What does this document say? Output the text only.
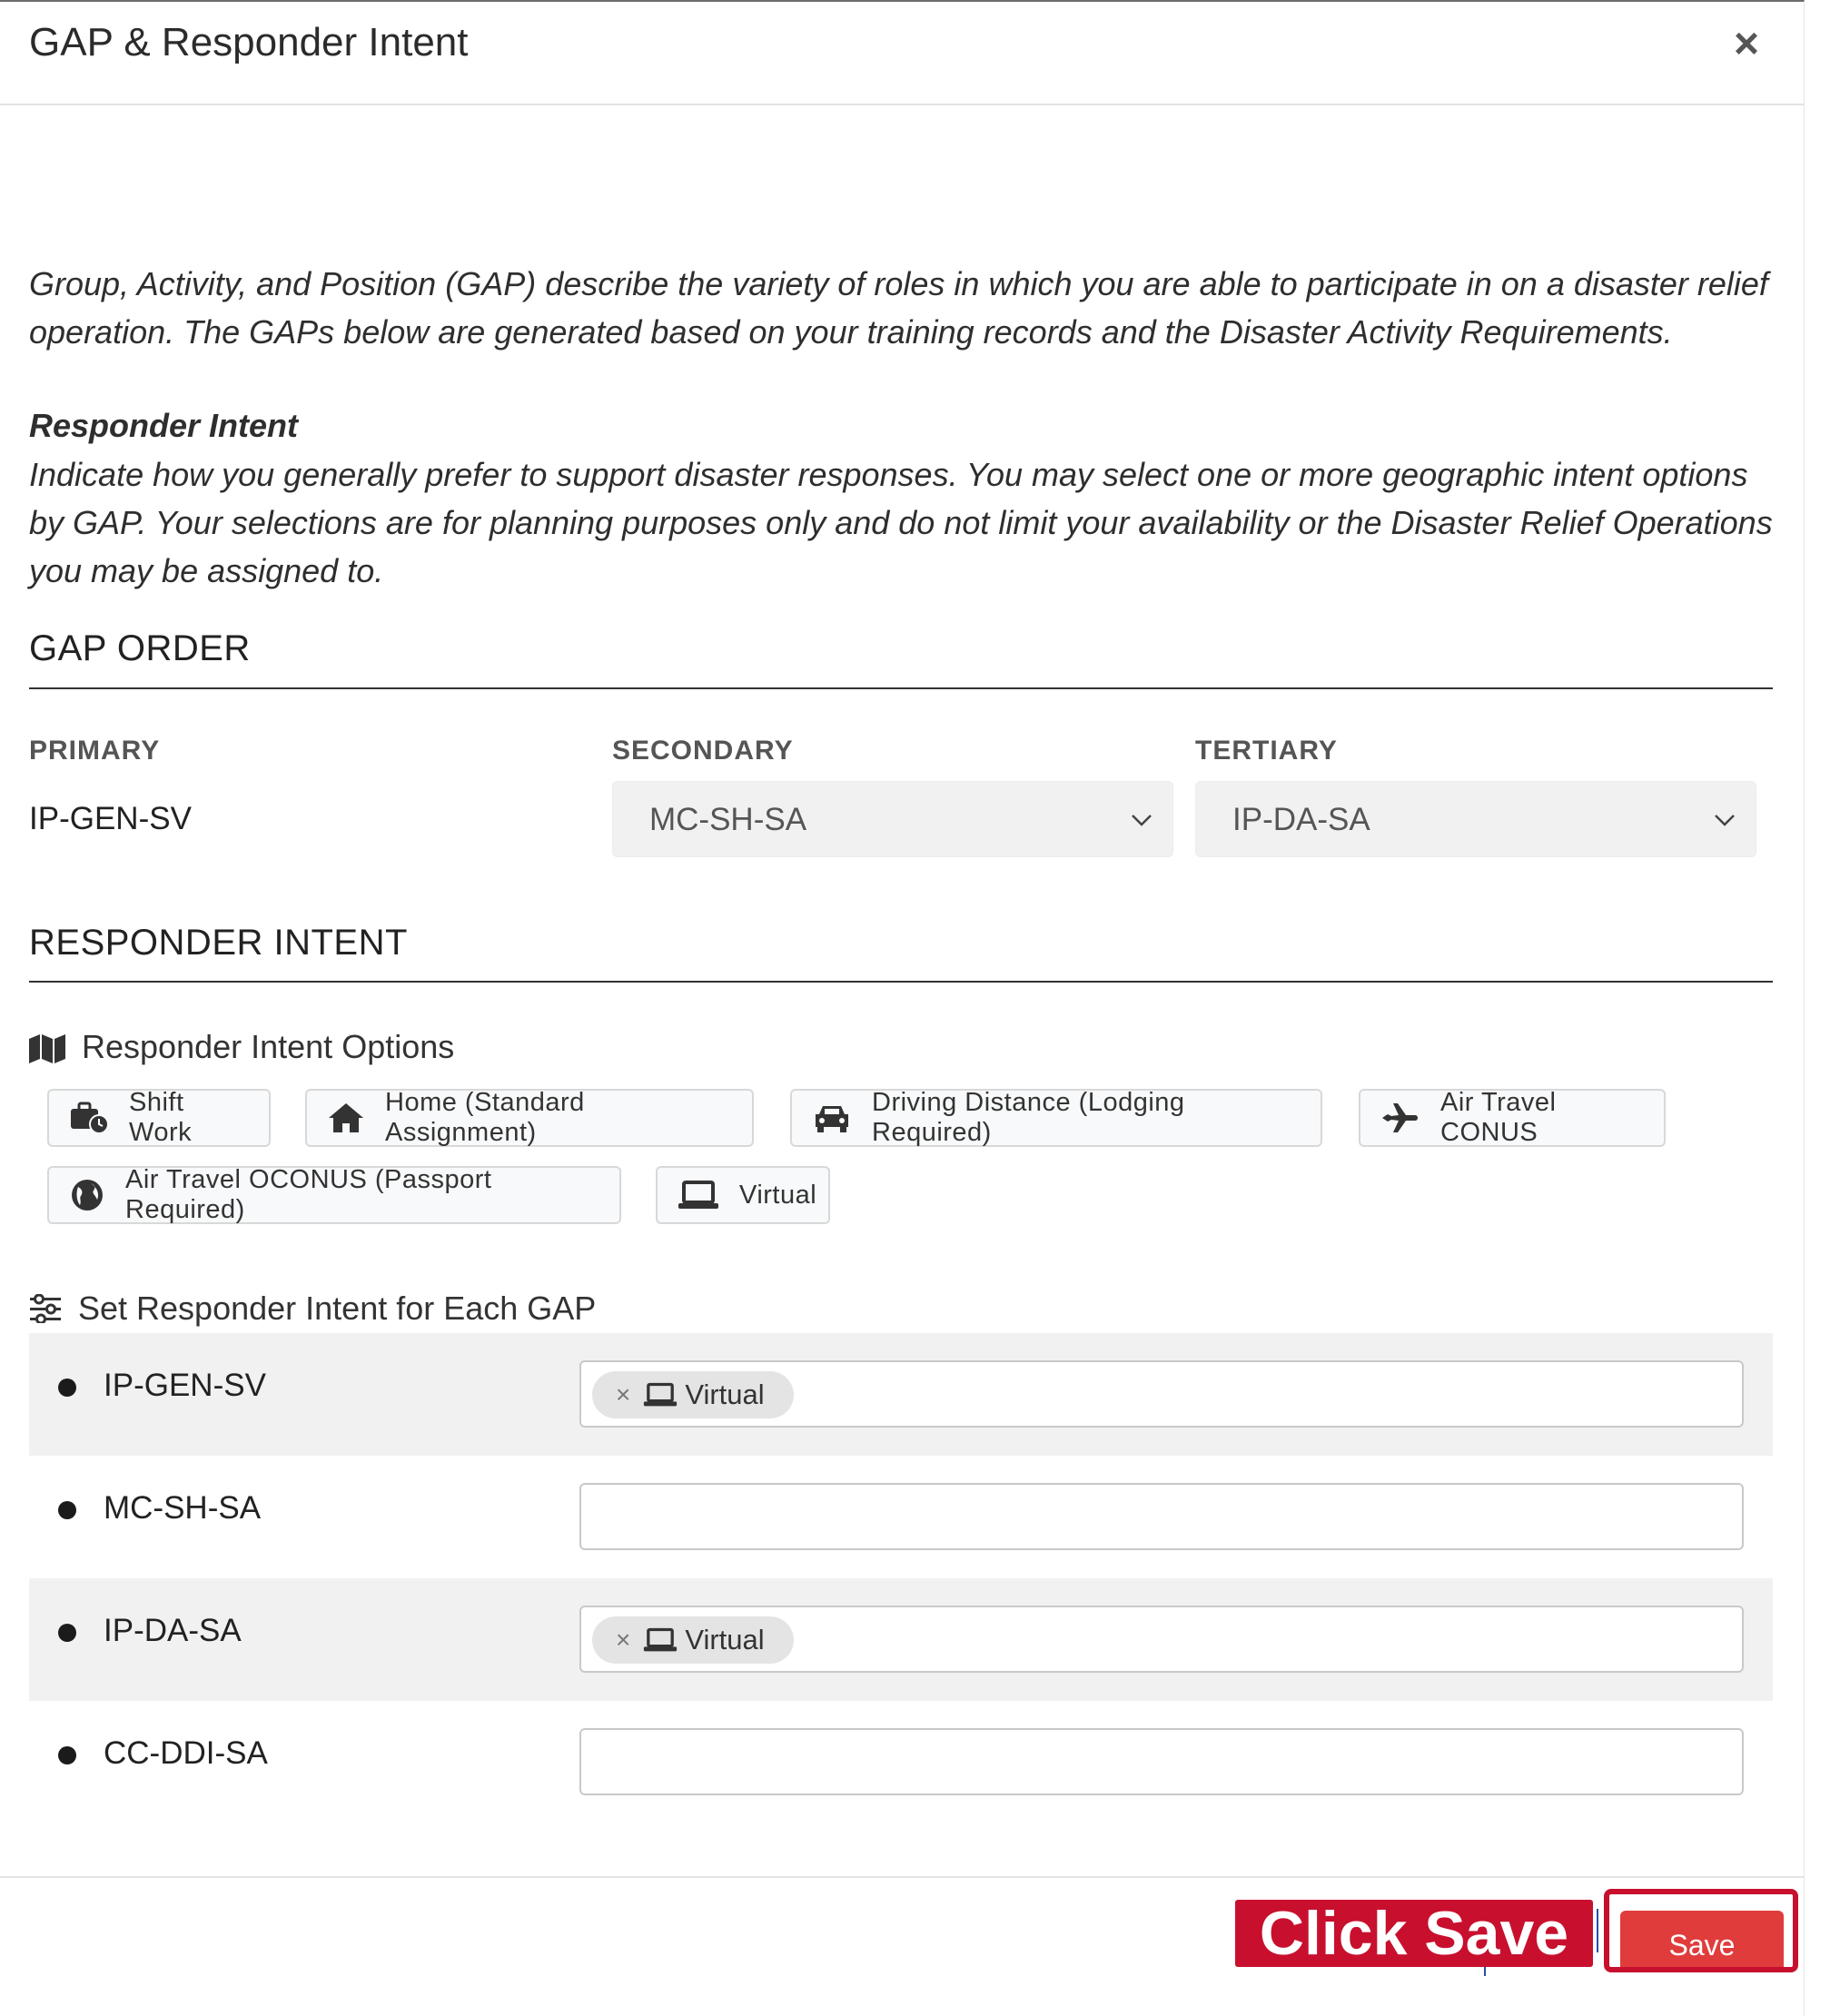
GAP & Responder Intent	×

Group, Activity, and Position (GAP) describe the variety of roles in which you are able to participate in on a disaster relief operation. The GAPs below are generated based on your training records and the Disaster Activity Requirements.

Responder Intent

Indicate how you generally prefer to support disaster responses. You may select one or more geographic intent options by GAP. Your selections are for planning purposes only and do not limit your availability or the Disaster Relief Operations you may be assigned to.

GAP ORDER
PRIMARY	SECONDARY	TERTIARY
IP-GEN-SV	MC-SH-SA	IP-DA-SA
RESPONDER INTENT
Responder Intent Options
Shift Work
Home (Standard Assignment)
Driving Distance (Lodging Required)
Air Travel CONUS
Air Travel OCONUS (Passport Required)
Virtual
Set Responder Intent for Each GAP
IP-GEN-SV	× Virtual
MC-SH-SA
IP-DA-SA	× Virtual
CC-DDI-SA
Click Save	Save
